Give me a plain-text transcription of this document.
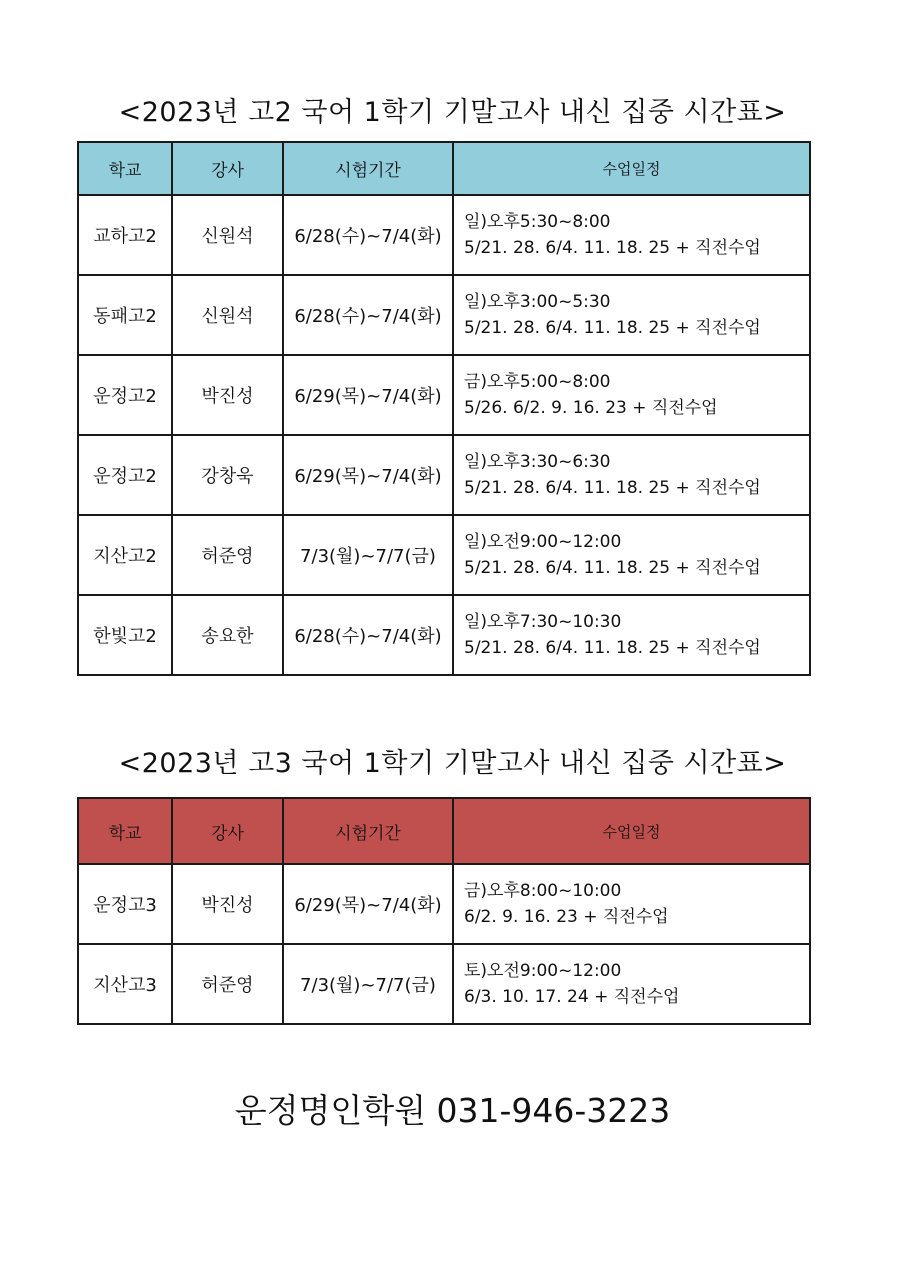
<2023년 고2 국어 1학기 기말고사 내신 집중 시간표>
학교	강사	시험기간	수업일정
교하고2	신원석	6/28(수)~7/4(화)	일)오후5:30~8:00
5/21. 28. 6/4. 11. 18. 25 + 직전수업

동패고2	신원석	6/28(수)~7/4(화)	일)오후3:00~5:30
5/21. 28. 6/4. 11. 18. 25 + 직전수업

운정고2	박진성	6/29(목)~7/4(화)	금)오후5:00~8:00
5/26. 6/2. 9. 16. 23 + 직전수업

운정고2	강창욱	6/29(목)~7/4(화)	일)오후3:30~6:30
5/21. 28. 6/4. 11. 18. 25 + 직전수업

지산고2	허준영	7/3(월)~7/7(금)	일)오전9:00~12:00
5/21. 28. 6/4. 11. 18. 25 + 직전수업

한빛고2	송요한	6/28(수)~7/4(화)	일)오후7:30~10:30
5/21. 28. 6/4. 11. 18. 25 + 직전수업
<2023년 고3 국어 1학기 기말고사 내신 집중 시간표>
학교	강사	시험기간	수업일정
운정고3	박진성	6/29(목)~7/4(화)	금)오후8:00~10:00
6/2. 9. 16. 23 + 직전수업

지산고3	허준영	7/3(월)~7/7(금)	토)오전9:00~12:00
6/3. 10. 17. 24 + 직전수업
운정명인학원 031-946-3223
